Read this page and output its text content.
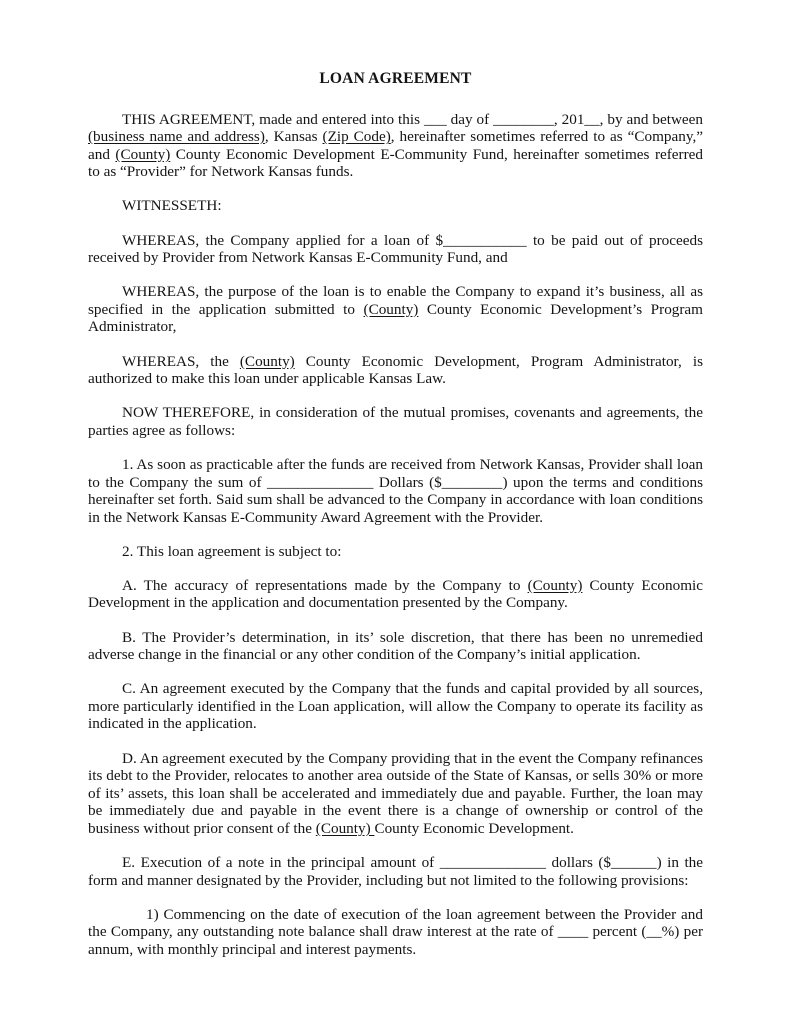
LOAN AGREEMENT

THIS AGREEMENT, made and entered into this ___ day of ________, 201__, by and between (business name and address), Kansas (Zip Code), hereinafter sometimes referred to as “Company,” and (County) County Economic Development E-Community Fund, hereinafter sometimes referred to as “Provider” for Network Kansas funds.

WITNESSETH:

WHEREAS, the Company applied for a loan of $___________ to be paid out of proceeds received by Provider from Network Kansas E-Community Fund, and

WHEREAS, the purpose of the loan is to enable the Company to expand it’s business, all as specified in the application submitted to (County) County Economic Development’s Program Administrator,

WHEREAS, the (County) County Economic Development, Program Administrator, is authorized to make this loan under applicable Kansas Law.

NOW THEREFORE, in consideration of the mutual promises, covenants and agreements, the parties agree as follows:

1. As soon as practicable after the funds are received from Network Kansas, Provider shall loan to the Company the sum of ______________ Dollars ($________) upon the terms and conditions hereinafter set forth. Said sum shall be advanced to the Company in accordance with loan conditions in the Network Kansas E-Community Award Agreement with the Provider.

2. This loan agreement is subject to:

A. The accuracy of representations made by the Company to (County) County Economic Development in the application and documentation presented by the Company.

B. The Provider’s determination, in its’ sole discretion, that there has been no unremedied adverse change in the financial or any other condition of the Company’s initial application.

C. An agreement executed by the Company that the funds and capital provided by all sources, more particularly identified in the Loan application, will allow the Company to operate its facility as indicated in the application.

D. An agreement executed by the Company providing that in the event the Company refinances its debt to the Provider, relocates to another area outside of the State of Kansas, or sells 30% or more of its’ assets, this loan shall be accelerated and immediately due and payable. Further, the loan may be immediately due and payable in the event there is a change of ownership or control of the business without prior consent of the (County) County Economic Development.

E. Execution of a note in the principal amount of ______________ dollars ($______) in the form and manner designated by the Provider, including but not limited to the following provisions:

1) Commencing on the date of execution of the loan agreement between the Provider and the Company, any outstanding note balance shall draw interest at the rate of ____ percent (__%) per annum, with monthly principal and interest payments.
